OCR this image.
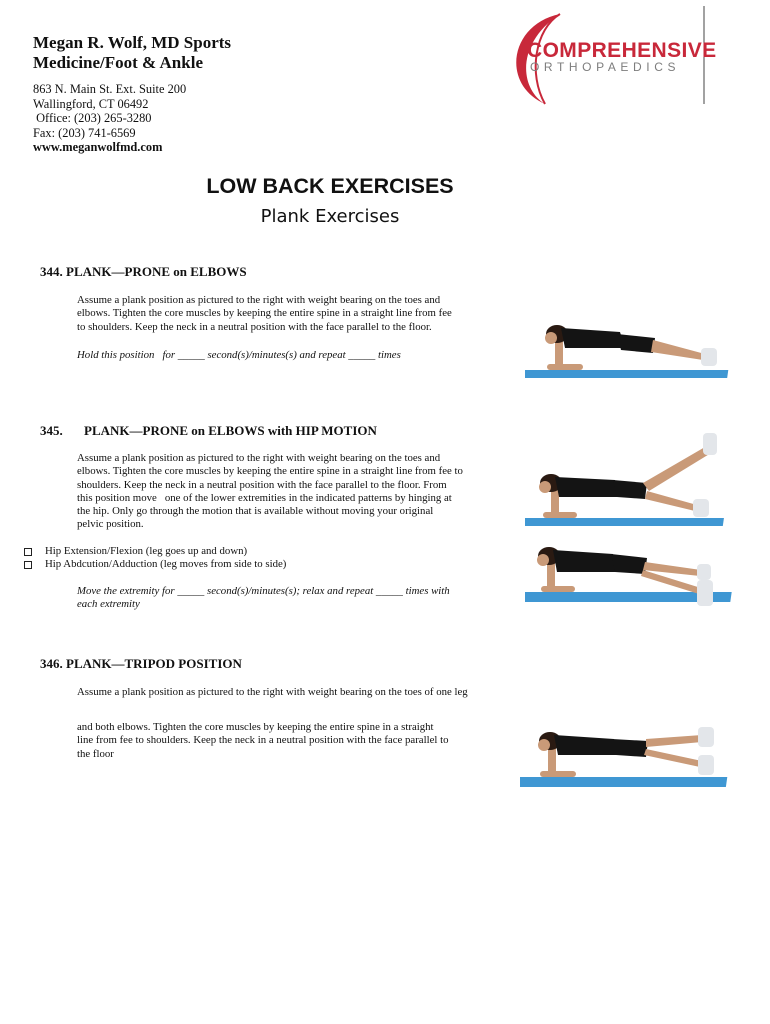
Megan R. Wolf, MD Sports
Medicine/Foot & Ankle
863 N. Main St. Ext. Suite 200
Wallingford, CT 06492
Office: (203) 265-3280
Fax: (203) 741-6569
www.meganwolfmd.com
COMPREHENSIVE
ORTHOPAEDICS
LOW BACK EXERCISES
Plank Exercises
344. PLANK—PRONE on ELBOWS
Assume a plank position as pictured to the right with weight bearing on the toes and
elbows. Tighten the core muscles by keeping the entire spine in a straight line from fee
to shoulders. Keep the neck in a neutral position with the face parallel to the floor.
Hold this position   for _____ second(s)/minutes(s) and repeat _____ times
345. PLANK—PRONE on ELBOWS with HIP MOTION
Assume a plank position as pictured to the right with weight bearing on the toes and
elbows. Tighten the core muscles by keeping the entire spine in a straight line from fee to
shoulders. Keep the neck in a neutral position with the face parallel to the floor. From
this position move   one of the lower extremities in the indicated patterns by hinging at
the hip. Only go through the motion that is available without moving your original
pelvic position.
Hip Extension/Flexion (leg goes up and down)
Hip Abdcution/Adduction (leg moves from side to side)
Move the extremity for _____ second(s)/minutes(s); relax and repeat _____ times with
each extremity
346. PLANK—TRIPOD POSITION
Assume a plank position as pictured to the right with weight bearing on the toes of one leg
and both elbows. Tighten the core muscles by keeping the entire spine in a straight
line from fee to shoulders. Keep the neck in a neutral position with the face parallel to
the floor
